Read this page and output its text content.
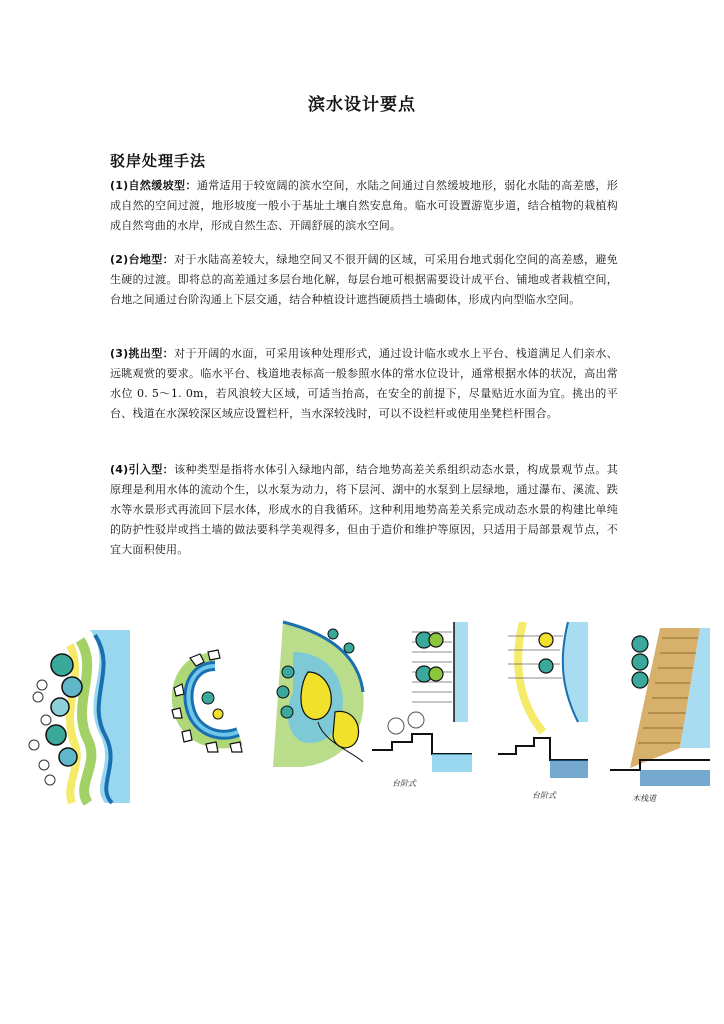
滨水设计要点
驳岸处理手法

(1)自然缓坡型：通常适用于较宽阔的滨水空间，水陆之间通过自然缓坡地形，弱化水陆的高差感，形成自然的空间过渡，地形坡度一般小于基址土壤自然安息角。临水可设置游览步道，结合植物的栽植构成自然弯曲的水岸，形成自然生态、开阔舒展的滨水空间。

(2)台地型：对于水陆高差较大，绿地空间又不很开阔的区域，可采用台地式弱化空间的高差感，避免生硬的过渡。即将总的高差通过多层台地化解，每层台地可根据需要设计成平台、铺地或者栽植空间，台地之间通过台阶沟通上下层交通，结合种植设计遮挡硬质挡土墙砌体，形成内向型临水空间。

(3)挑出型：对于开阔的水面，可采用该种处理形式，通过设计临水或水上平台、栈道满足人们亲水、远眺观赏的要求。临水平台、栈道地表标高一般参照水体的常水位设计，通常根据水体的状况，高出常水位 0. 5～1. 0m，若风浪较大区域，可适当抬高，在安全的前提下，尽量贴近水面为宜。挑出的平台、栈道在水深较深区域应设置栏杆，当水深较浅时，可以不设栏杆或使用坐凳栏杆围合。

(4)引入型：该种类型是指将水体引入绿地内部，结合地势高差关系组织动态水景，构成景观节点。其原理是利用水体的流动个生，以水泵为动力，将下层河、湖中的水泵到上层绿地，通过瀑布、溪流、跌水等水景形式再流回下层水体，形成水的自我循环。这种利用地势高差关系完成动态水景的构建比单纯的防护性驳岸或挡土墙的做法要科学美观得多，但由于造价和维护等原因，只适用于局部景观节点，不宜大面积使用。

台阶式
台阶式	木栈道
